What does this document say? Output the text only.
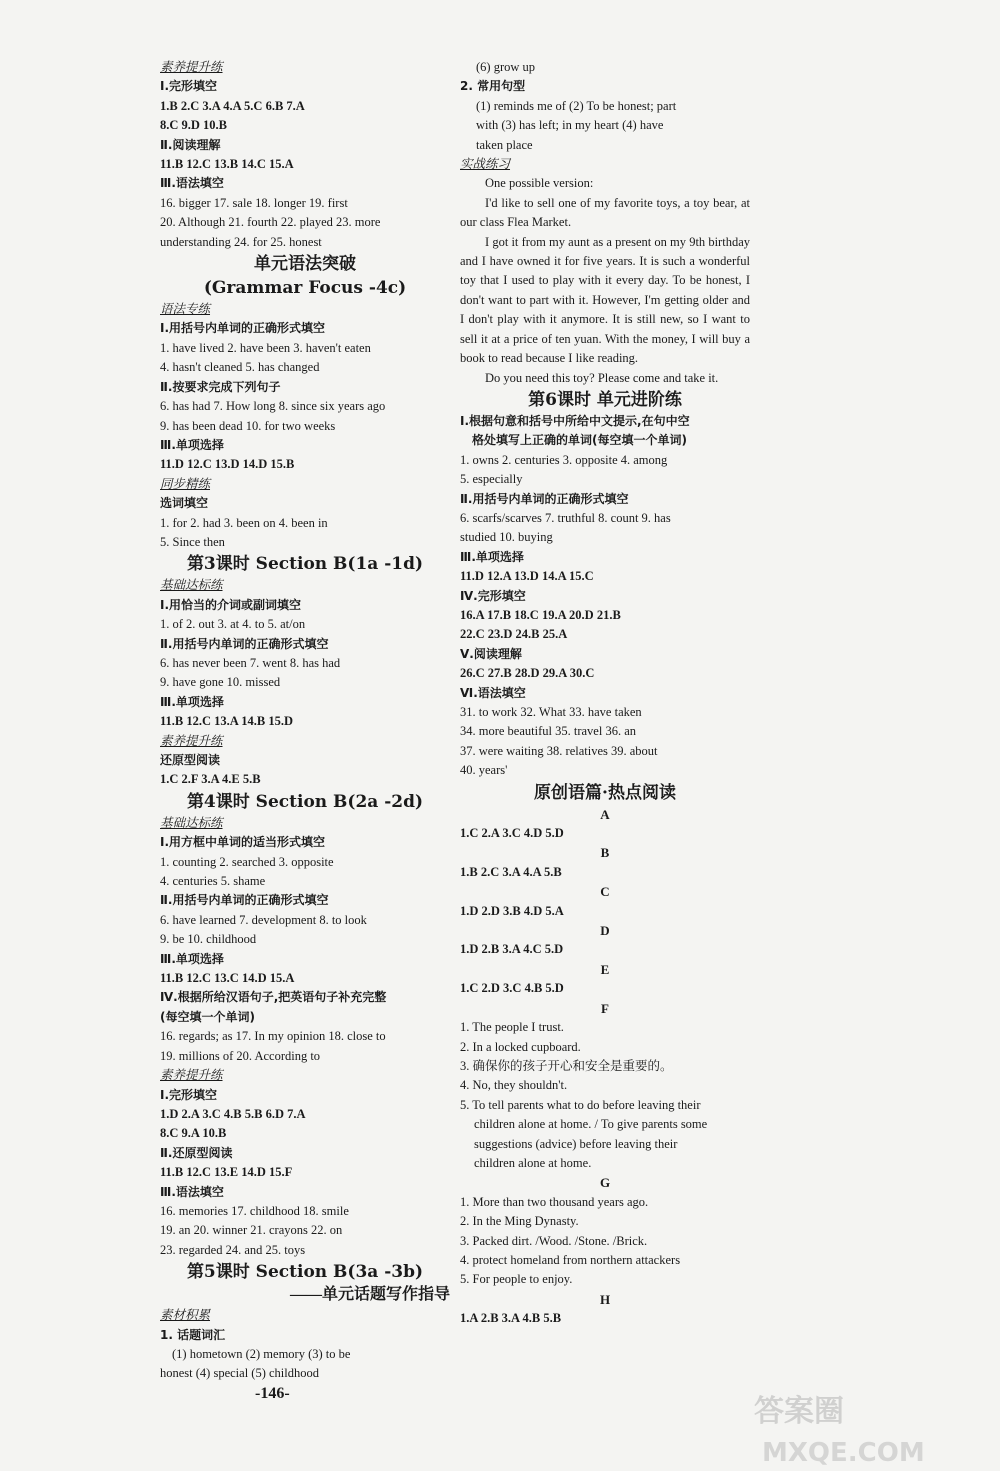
素养提升练
Ⅰ.完形填空
1.B 2.C 3.A 4.A 5.C 6.B 7.A
8.C 9.D 10.B
Ⅱ.阅读理解
11.B 12.C 13.B 14.C 15.A
Ⅲ.语法填空
16. bigger 17. sale 18. longer 19. first
20. Although 21. fourth 22. played 23. more
understanding 24. for 25. honest
单元语法突破
(Grammar Focus -4c)
语法专练
Ⅰ.用括号内单词的正确形式填空
1. have lived 2. have been 3. haven't eaten
4. hasn't cleaned 5. has changed
Ⅱ.按要求完成下列句子
6. has had 7. How long 8. since six years ago
9. has been dead 10. for two weeks
Ⅲ.单项选择
11.D 12.C 13.D 14.D 15.B
同步精练
选词填空
1. for 2. had 3. been on 4. been in
5. Since then
第3课时 Section B(1a -1d)
基础达标练
Ⅰ.用恰当的介词或副词填空
1. of 2. out 3. at 4. to 5. at/on
Ⅱ.用括号内单词的正确形式填空
6. has never been 7. went 8. has had
9. have gone 10. missed
Ⅲ.单项选择
11.B 12.C 13.A 14.B 15.D
素养提升练
还原型阅读
1.C 2.F 3.A 4.E 5.B
第4课时 Section B(2a -2d)
基础达标练
Ⅰ.用方框中单词的适当形式填空
1. counting 2. searched 3. opposite
4. centuries 5. shame
Ⅱ.用括号内单词的正确形式填空
6. have learned 7. development 8. to look
9. be 10. childhood
Ⅲ.单项选择
11.B 12.C 13.C 14.D 15.A
Ⅳ.根据所给汉语句子,把英语句子补充完整
(每空填一个单词)
16. regards; as 17. In my opinion 18. close to
19. millions of 20. According to
素养提升练
Ⅰ.完形填空
1.D 2.A 3.C 4.B 5.B 6.D 7.A
8.C 9.A 10.B
Ⅱ.还原型阅读
11.B 12.C 13.E 14.D 15.F
Ⅲ.语法填空
16. memories 17. childhood 18. smile
19. an 20. winner 21. crayons 22. on
23. regarded 24. and 25. toys
第5课时 Section B(3a -3b)
——单元话题写作指导
素材积累
1. 话题词汇
(1) hometown (2) memory (3) to be
honest (4) special (5) childhood
(6) grow up
2. 常用句型
(1) reminds me of (2) To be honest; part
with (3) has left; in my heart (4) have
taken place
实战练习
One possible version:
I'd like to sell one of my favorite toys, a toy bear, at our class Flea Market.
I got it from my aunt as a present on my 9th birthday and I have owned it for five years. It is such a wonderful toy that I used to play with it every day. To be honest, I don't want to part with it. However, I'm getting older and I don't play with it anymore. It is still new, so I want to sell it at a price of ten yuan. With the money, I will buy a book to read because I like reading.
Do you need this toy? Please come and take it.
第6课时 单元进阶练
Ⅰ.根据句意和括号中所给中文提示,在句中空
格处填写上正确的单词(每空填一个单词)
1. owns 2. centuries 3. opposite 4. among
5. especially
Ⅱ.用括号内单词的正确形式填空
6. scarfs/scarves 7. truthful 8. count 9. has
studied 10. buying
Ⅲ.单项选择
11.D 12.A 13.D 14.A 15.C
Ⅳ.完形填空
16.A 17.B 18.C 19.A 20.D 21.B
22.C 23.D 24.B 25.A
Ⅴ.阅读理解
26.C 27.B 28.D 29.A 30.C
Ⅵ.语法填空
31. to work 32. What 33. have taken
34. more beautiful 35. travel 36. an
37. were waiting 38. relatives 39. about
40. years'
原创语篇·热点阅读
A
1.C 2.A 3.C 4.D 5.D
B
1.B 2.C 3.A 4.A 5.B
C
1.D 2.D 3.B 4.D 5.A
D
1.D 2.B 3.A 4.C 5.D
E
1.C 2.D 3.C 4.B 5.D
F
1. The people I trust.
2. In a locked cupboard.
3. 确保你的孩子开心和安全是重要的。
4. No, they shouldn't.
5. To tell parents what to do before leaving their
children alone at home. / To give parents some
suggestions (advice) before leaving their
children alone at home.
G
1. More than two thousand years ago.
2. In the Ming Dynasty.
3. Packed dirt. /Wood. /Stone. /Brick.
4. protect homeland from northern attackers
5. For people to enjoy.
H
1.A 2.B 3.A 4.B 5.B
-146-
答案圈
MXQE.COM
